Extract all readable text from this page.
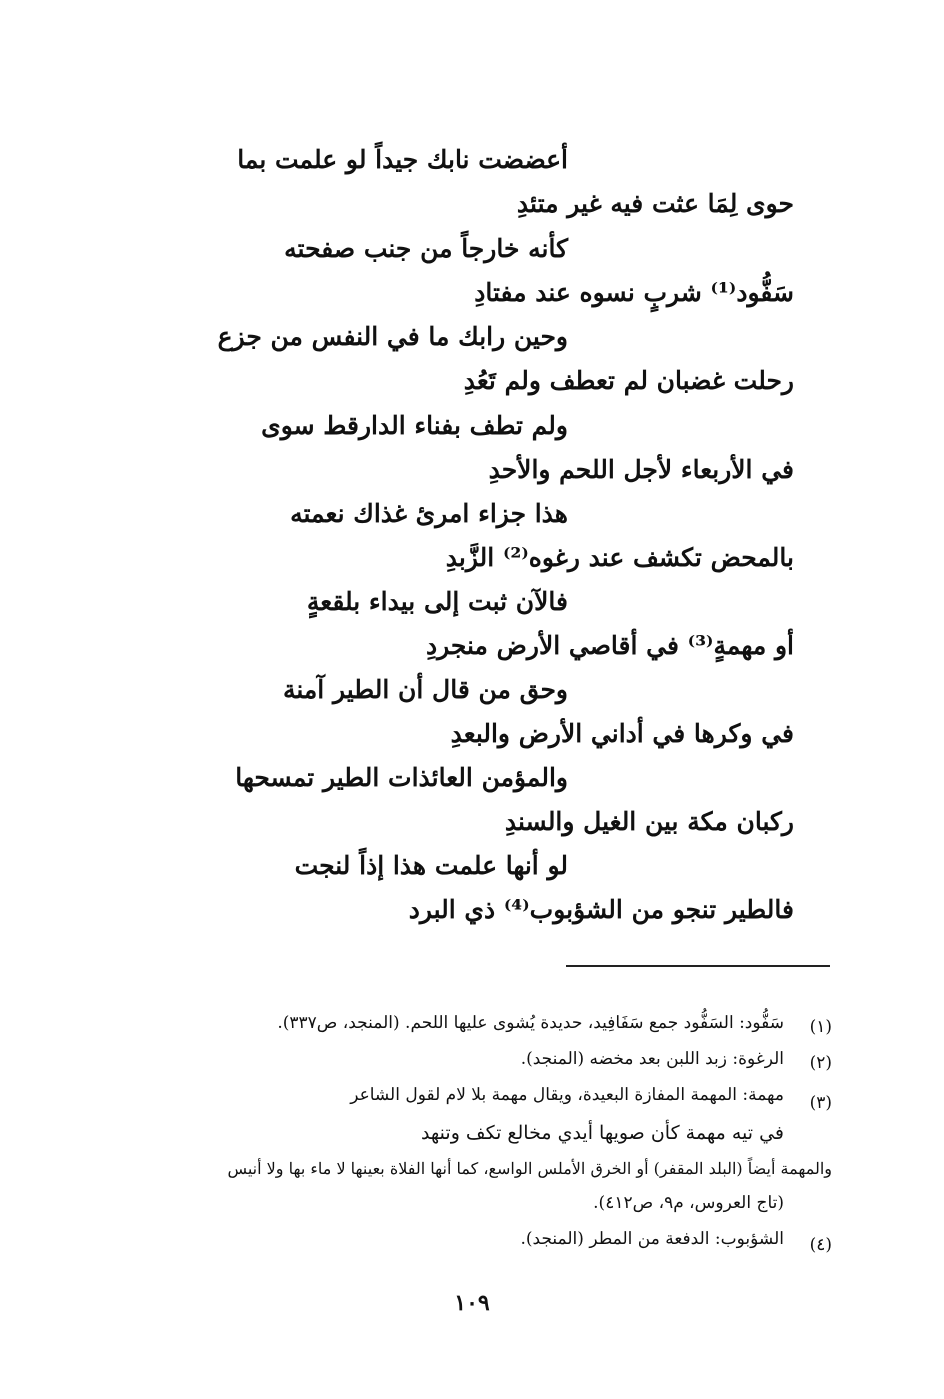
أعضضت نابك جيداً لو علمت بما
حوى لِمَا عثت فيه غير متئدِ
كأنه خارجاً من جنب صفحته
سَفُّود⁽¹⁾ شربٍ نسوه عند مفتادِ
وحين رابك ما في النفس من جزع
رحلت غضبان لم تعطف ولم تَعُدِ
ولم تطف بفناء الدارقط سوى
في الأربعاء لأجل اللحم والأحدِ
هذا جزاء امرئ غذاك نعمته
بالمحض تكشف عند رغوه⁽²⁾ الزَّبدِ
فالآن ثبت إلى بيداء بلقعةٍ
أو مهمةٍ⁽³⁾ في أقاصي الأرض منجردِ
وحق من قال أن الطير آمنة
في وكرها في أداني الأرض والبعدِ
والمؤمن العائذات الطير تمسحها
ركبان مكة بين الغيل والسندِ
لو أنها علمت هذا إذاً لنجت
فالطير تنجو من الشؤبوب⁽⁴⁾ ذي البرد
(١)
سَفُّود: السَفُّود جمع سَفَافِيد، حديدة يُشوى عليها اللحم. (المنجد، ص٣٣٧).
(٢)
الرغوة: زبد اللبن بعد مخضه (المنجد).
(٣)
مهمة: المهمة المفازة البعيدة، ويقال مهمة بلا لام لقول الشاعر
في تيه مهمة كأن صويها أيدي مخالع تكف وتنهد
والمهمة أيضاً (البلد المقفر) أو الخرق الأملس الواسع، كما أنها الفلاة بعينها لا ماء بها ولا أنيس
(تاج العروس، م٩، ص٤١٢).
(٤)
الشؤبوب: الدفعة من المطر (المنجد).
١٠٩
